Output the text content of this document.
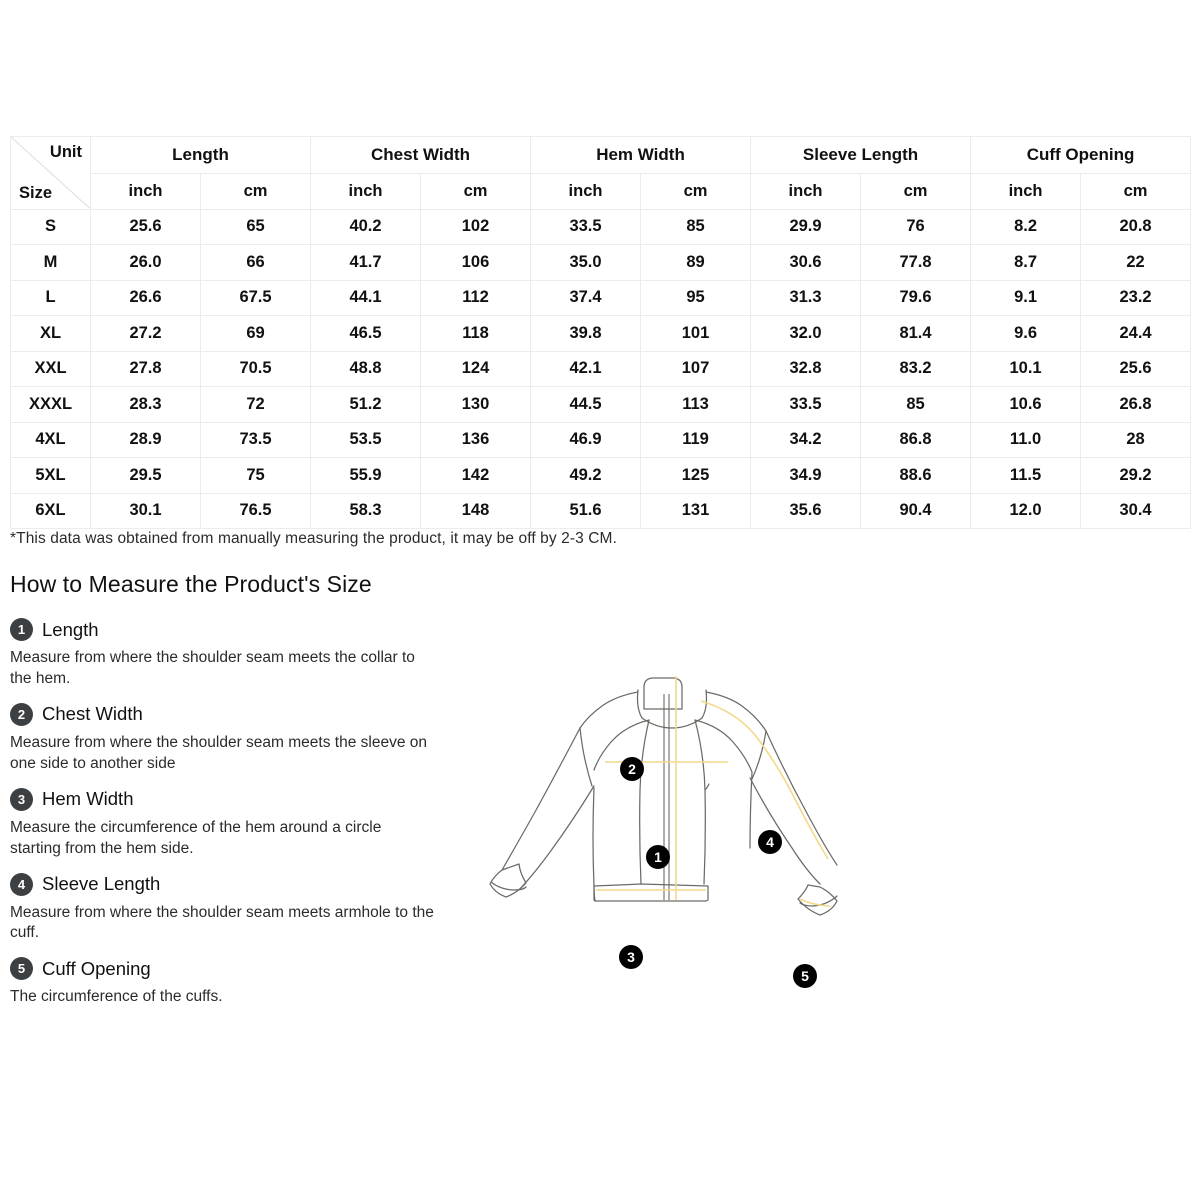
Unit
Size	Length		Chest Width		Hem Width		Sleeve Length		Cuff Opening	
	inch	cm	inch	cm	inch	cm	inch	cm	inch	cm
S	25.6	65	40.2	102	33.5	85	29.9	76	8.2	20.8
M	26.0	66	41.7	106	35.0	89	30.6	77.8	8.7	22
L	26.6	67.5	44.1	112	37.4	95	31.3	79.6	9.1	23.2
XL	27.2	69	46.5	118	39.8	101	32.0	81.4	9.6	24.4
XXL	27.8	70.5	48.8	124	42.1	107	32.8	83.2	10.1	25.6
XXXL	28.3	72	51.2	130	44.5	113	33.5	85	10.6	26.8
4XL	28.9	73.5	53.5	136	46.9	119	34.2	86.8	11.0	28
5XL	29.5	75	55.9	142	49.2	125	34.9	88.6	11.5	29.2
6XL	30.1	76.5	58.3	148	51.6	131	35.6	90.4	12.0	30.4
*This data was obtained from manually measuring the product, it may be off by 2-3 CM.
How to Measure the Product's Size
1 Length
Measure from where the shoulder seam meets the collar to the hem.
2 Chest Width
Measure from where the shoulder seam meets the sleeve on one side to another side
3 Hem Width
Measure the circumference of the hem around a circle starting from the hem side.
4 Sleeve Length
Measure from where the shoulder seam meets armhole to the cuff.
5 Cuff Opening
The circumference of the cuffs.
1
2
3
4
5
